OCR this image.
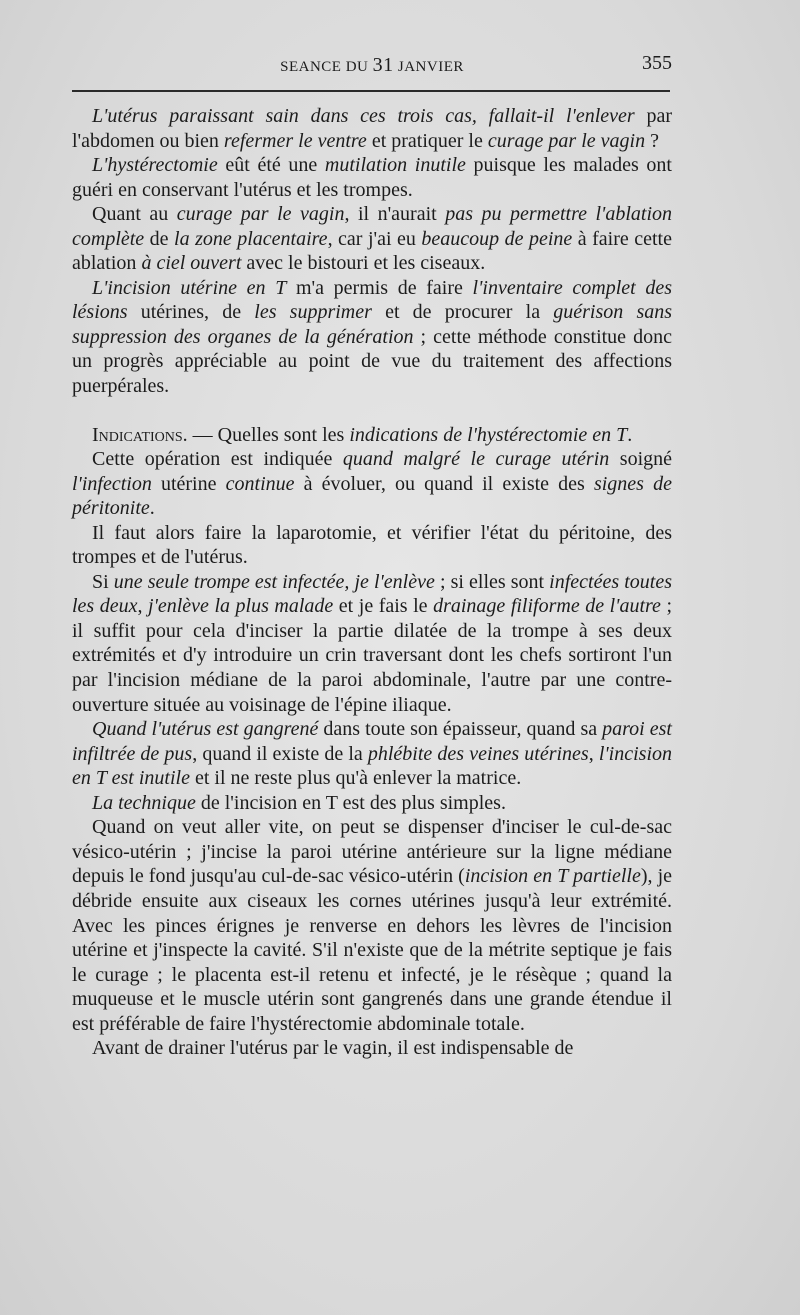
SEANCE DU 31 JANVIER	355

L'utérus paraissant sain dans ces trois cas, fallait-il l'enlever par l'abdomen ou bien refermer le ventre et pratiquer le curage par le vagin ?

L'hystérectomie eût été une mutilation inutile puisque les malades ont guéri en conservant l'utérus et les trompes.

Quant au curage par le vagin, il n'aurait pas pu permettre l'ablation complète de la zone placentaire, car j'ai eu beaucoup de peine à faire cette ablation à ciel ouvert avec le bistouri et les ciseaux.

L'incision utérine en T m'a permis de faire l'inventaire complet des lésions utérines, de les supprimer et de procurer la guérison sans suppression des organes de la génération ; cette méthode constitue donc un progrès appréciable au point de vue du traitement des affections puerpérales.

Indications. — Quelles sont les indications de l'hystérectomie en T.

Cette opération est indiquée quand malgré le curage utérin soigné l'infection utérine continue à évoluer, ou quand il existe des signes de péritonite.

Il faut alors faire la laparotomie, et vérifier l'état du péritoine, des trompes et de l'utérus.

Si une seule trompe est infectée, je l'enlève ; si elles sont infectées toutes les deux, j'enlève la plus malade et je fais le drainage filiforme de l'autre ; il suffit pour cela d'inciser la partie dilatée de la trompe à ses deux extrémités et d'y introduire un crin traversant dont les chefs sortiront l'un par l'incision médiane de la paroi abdominale, l'autre par une contre-ouverture située au voisinage de l'épine iliaque.

Quand l'utérus est gangrené dans toute son épaisseur, quand sa paroi est infiltrée de pus, quand il existe de la phlébite des veines utérines, l'incision en T est inutile et il ne reste plus qu'à enlever la matrice.

La technique de l'incision en T est des plus simples.

Quand on veut aller vite, on peut se dispenser d'inciser le cul-de-sac vésico-utérin ; j'incise la paroi utérine antérieure sur la ligne médiane depuis le fond jusqu'au cul-de-sac vésico-utérin (incision en T partielle), je débride ensuite aux ciseaux les cornes utérines jusqu'à leur extrémité. Avec les pinces érignes je renverse en dehors les lèvres de l'incision utérine et j'inspecte la cavité. S'il n'existe que de la métrite septique je fais le curage ; le placenta est-il retenu et infecté, je le résèque ; quand la muqueuse et le muscle utérin sont gangrenés dans une grande étendue il est préférable de faire l'hystérectomie abdominale totale.

Avant de drainer l'utérus par le vagin, il est indispensable de
